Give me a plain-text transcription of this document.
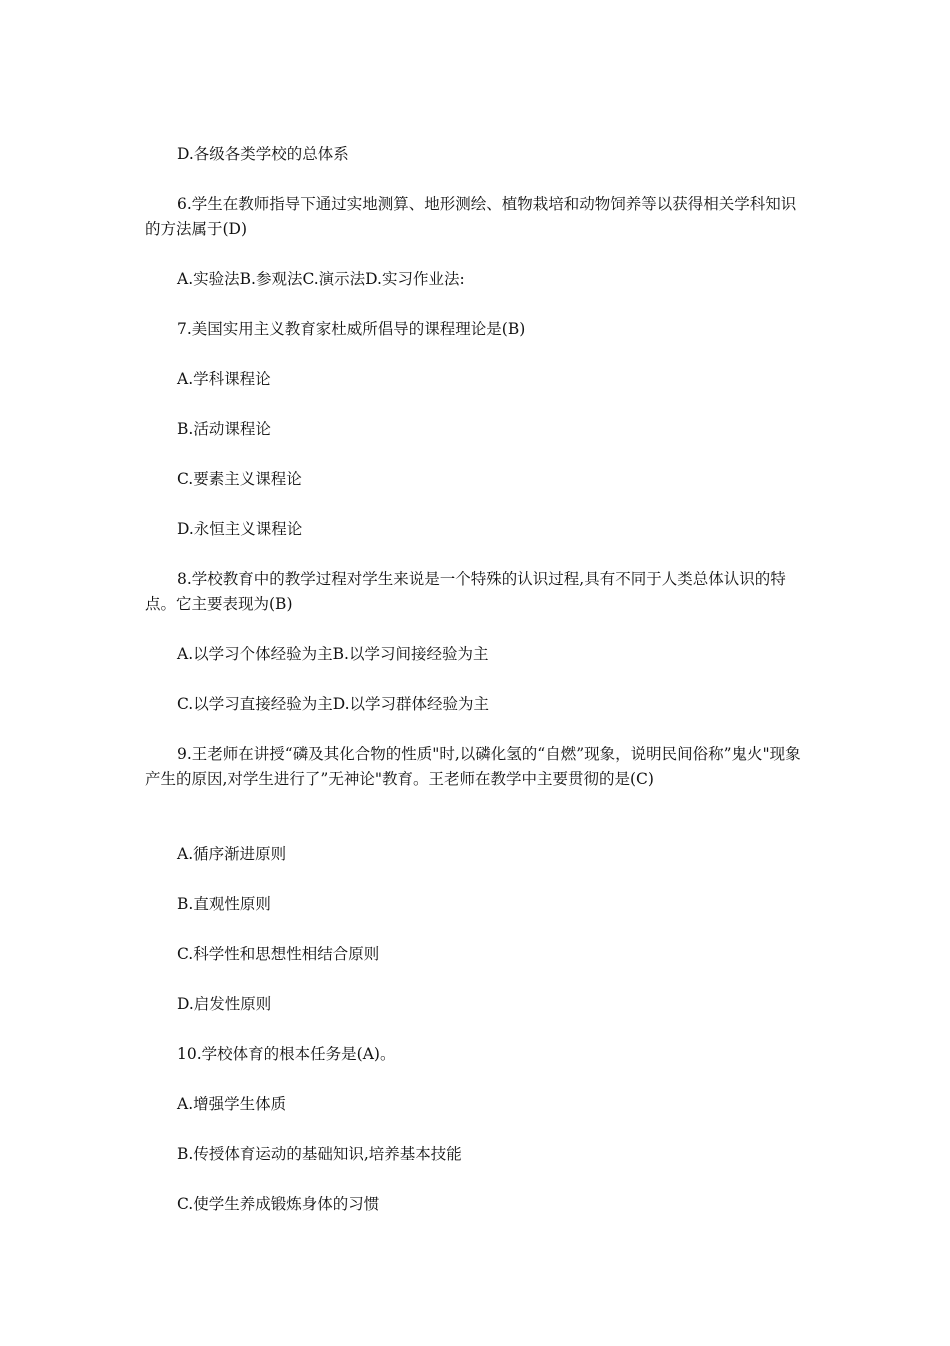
D.各级各类学校的总体系

6.学生在教师指导下通过实地测算、地形测绘、植物栽培和动物饲养等以获得相关学科知识的方法属于(D)

A.实验法B.参观法C.演示法D.实习作业法:

7.美国实用主义教育家杜威所倡导的课程理论是(B)

A.学科课程论

B.活动课程论

C.要素主义课程论

D.永恒主义课程论

8.学校教育中的教学过程对学生来说是一个特殊的认识过程,具有不同于人类总体认识的特点。它主要表现为(B)

A.以学习个体经验为主B.以学习间接经验为主

C.以学习直接经验为主D.以学习群体经验为主

9.王老师在讲授“磷及其化合物的性质"时,以磷化氢的“自燃”现象，说明民间俗称”鬼火"现象产生的原因,对学生进行了”无神论"教育。王老师在教学中主要贯彻的是(C)

A.循序渐进原则

B.直观性原则

C.科学性和思想性相结合原则

D.启发性原则

10.学校体育的根本任务是(A)。

A.增强学生体质

B.传授体育运动的基础知识,培养基本技能

C.使学生养成锻炼身体的习惯
